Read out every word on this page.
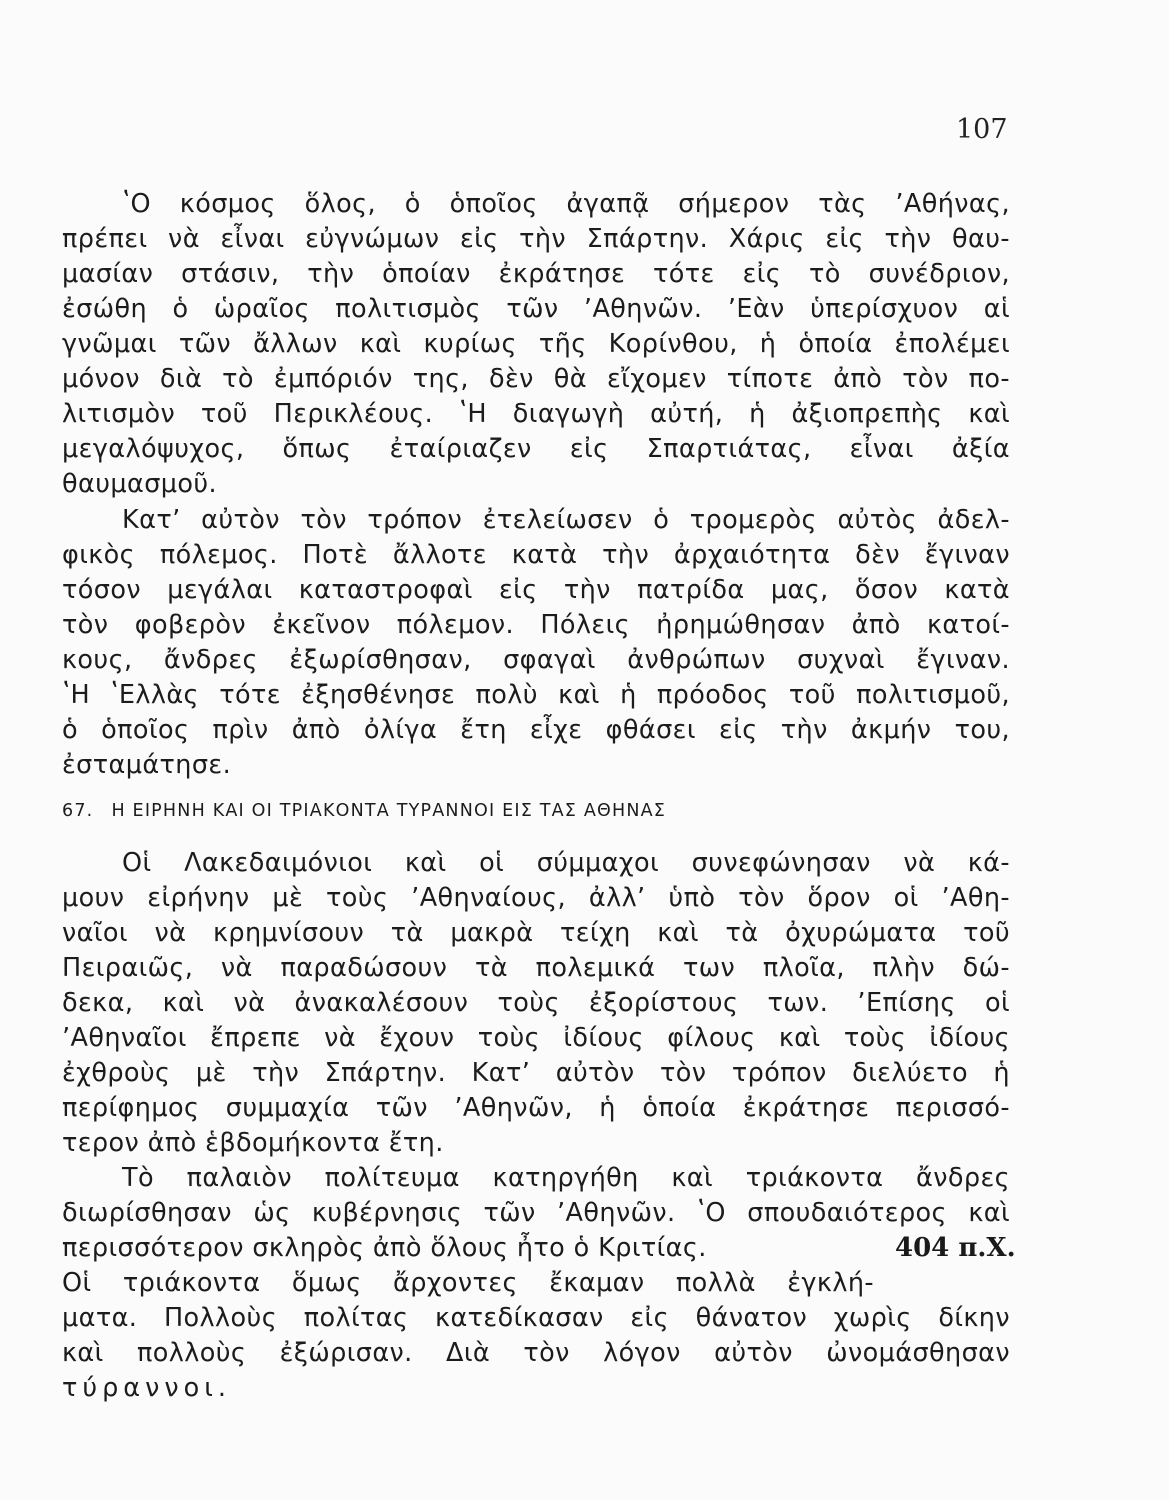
107
ʽΟ κόσμος ὅλος, ὁ ὁποῖος ἀγαπᾷ σήμερον τὰς ʼΑθήνας,
πρέπει νὰ εἶναι εὐγνώμων εἰς τὴν Σπάρτην. Χάρις εἰς τὴν θαυ-
μασίαν στάσιν, τὴν ὁποίαν ἐκράτησε τότε εἰς τὸ συνέδριον,
ἐσώθη ὁ ὡραῖος πολιτισμὸς τῶν ʼΑθηνῶν. ʼΕὰν ὑπερίσχυον αἱ
γνῶμαι τῶν ἄλλων καὶ κυρίως τῆς Κορίνθου, ἡ ὁποία ἐπολέμει
μόνον διὰ τὸ ἐμπόριόν της, δὲν θὰ εἴχομεν τίποτε ἀπὸ τὸν πο-
λιτισμὸν τοῦ Περικλέους. ʽΗ διαγωγὴ αὐτή, ἡ ἀξιοπρεπὴς καὶ
μεγαλόψυχος, ὅπως ἐταίριαζεν εἰς Σπαρτιάτας, εἶναι ἀξία
θαυμασμοῦ.
Κατʼ αὐτὸν τὸν τρόπον ἐτελείωσεν ὁ τρομερὸς αὐτὸς ἀδελ-
φικὸς πόλεμος. Ποτὲ ἄλλοτε κατὰ τὴν ἀρχαιότητα δὲν ἔγιναν
τόσον μεγάλαι καταστροφαὶ εἰς τὴν πατρίδα μας, ὅσον κατὰ
τὸν φοβερὸν ἐκεῖνον πόλεμον. Πόλεις ἠρημώθησαν ἀπὸ κατοί-
κους, ἄνδρες ἐξωρίσθησαν, σφαγαὶ ἀνθρώπων συχναὶ ἔγιναν.
ʽΗ ʽΕλλὰς τότε ἐξησθένησε πολὺ καὶ ἡ πρόοδος τοῦ πολιτισμοῦ,
ὁ ὁποῖος πρὶν ἀπὸ ὀλίγα ἔτη εἶχε φθάσει εἰς τὴν ἀκμήν του,
ἐσταμάτησε.
67. Η ΕΙΡΗΝΗ ΚΑΙ ΟΙ ΤΡΙΑΚΟΝΤΑ ΤΥΡΑΝΝΟΙ ΕΙΣ ΤΑΣ ΑΘΗΝΑΣ
Οἱ Λακεδαιμόνιοι καὶ οἱ σύμμαχοι συνεφώνησαν νὰ κά-
μουν εἰρήνην μὲ τοὺς ʼΑθηναίους, ἀλλʼ ὑπὸ τὸν ὅρον οἱ ʼΑθη-
ναῖοι νὰ κρημνίσουν τὰ μακρὰ τείχη καὶ τὰ ὀχυρώματα τοῦ
Πειραιῶς, νὰ παραδώσουν τὰ πολεμικά των πλοῖα, πλὴν δώ-
δεκα, καὶ νὰ ἀνακαλέσουν τοὺς ἐξορίστους των. ʼΕπίσης οἱ
ʼΑθηναῖοι ἔπρεπε νὰ ἔχουν τοὺς ἰδίους φίλους καὶ τοὺς ἰδίους
ἐχθροὺς μὲ τὴν Σπάρτην. Κατʼ αὐτὸν τὸν τρόπον διελύετο ἡ
περίφημος συμμαχία τῶν ʼΑθηνῶν, ἡ ὁποία ἐκράτησε περισσό-
τερον ἀπὸ ἑβδομήκοντα ἔτη.
Τὸ παλαιὸν πολίτευμα κατηργήθη καὶ τριάκοντα ἄνδρες
διωρίσθησαν ὡς κυβέρνησις τῶν ʼΑθηνῶν. ʽΟ σπουδαιότερος καὶ
περισσότερον σκληρὸς ἀπὸ ὅλους ἦτο ὁ Κριτίας.
Οἱ τριάκοντα ὅμως ἄρχοντες ἔκαμαν πολλὰ ἐγκλή-
ματα. Πολλοὺς πολίτας κατεδίκασαν εἰς θάνατον χωρὶς δίκην
καὶ πολλοὺς ἐξώρισαν. Διὰ τὸν λόγον αὐτὸν ὠνομάσθησαν
τύραννοι.
404 π.Χ.
